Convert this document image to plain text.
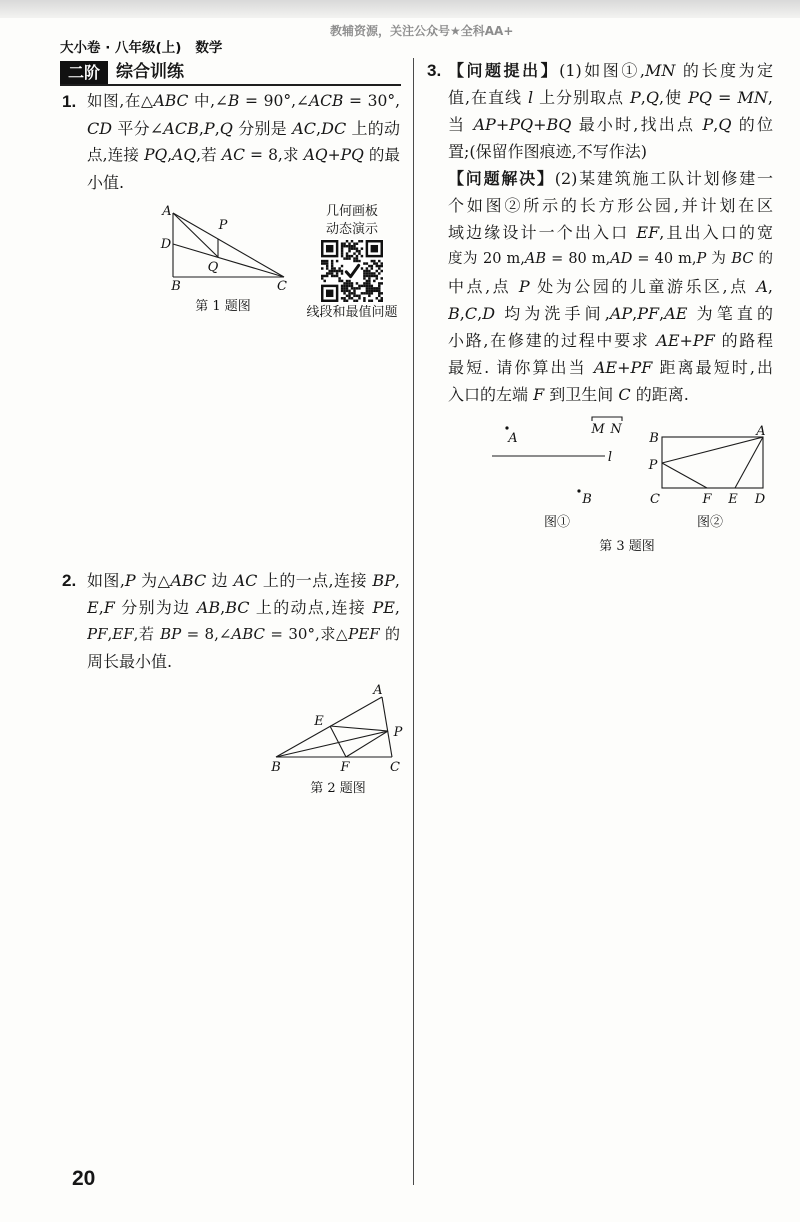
教辅资源，关注公众号★全科AA+
大小卷 · 八年级(上) 数学
二阶 综合训练
1. 如图,在△ABC 中,∠B = 90°,∠ACB = 30°,
CD 平分∠ACB,P,Q 分别是 AC,DC 上的动
点,连接 PQ,AQ,若 AC = 8,求 AQ+PQ 的最
小值.
2. 如图,P 为△ABC 边 AC 上的一点,连接 BP,
E,F 分别为边 AB,BC 上的动点,连接 PE,
PF,EF,若 BP = 8,∠ABC = 30°,求△PEF 的
周长最小值.
3. 【问题提出】(1)如图①,MN 的长度为定
值,在直线 l 上分别取点 P,Q,使 PQ = MN,
当 AP+PQ+BQ 最小时,找出点 P,Q 的位
置;(保留作图痕迹,不写作法)
【问题解决】(2)某建筑施工队计划修建一
个如图②所示的长方形公园,并计划在区
域边缘设计一个出入口 EF,且出入口的宽
度为 20 m,AB = 80 m,AD = 40 m,P 为 BC 的
中点,点 P 处为公园的儿童游乐区,点 A,
B,C,D 均为洗手间,AP,PF,AE 为笔直的
小路,在修建的过程中要求 AE+PF 的路程
最短. 请你算出当 AE+PF 距离最短时,出
入口的左端 F 到卫生间 C 的距离.
20
A
D
B	C
P
Q
第 1 题图
几何画板
动态演示
线段和最值问题
A
B	C
P
E
F
第 2 题图
A
M N
l
B
图①
B	A
P
C	F E D
图②
第 3 题图
